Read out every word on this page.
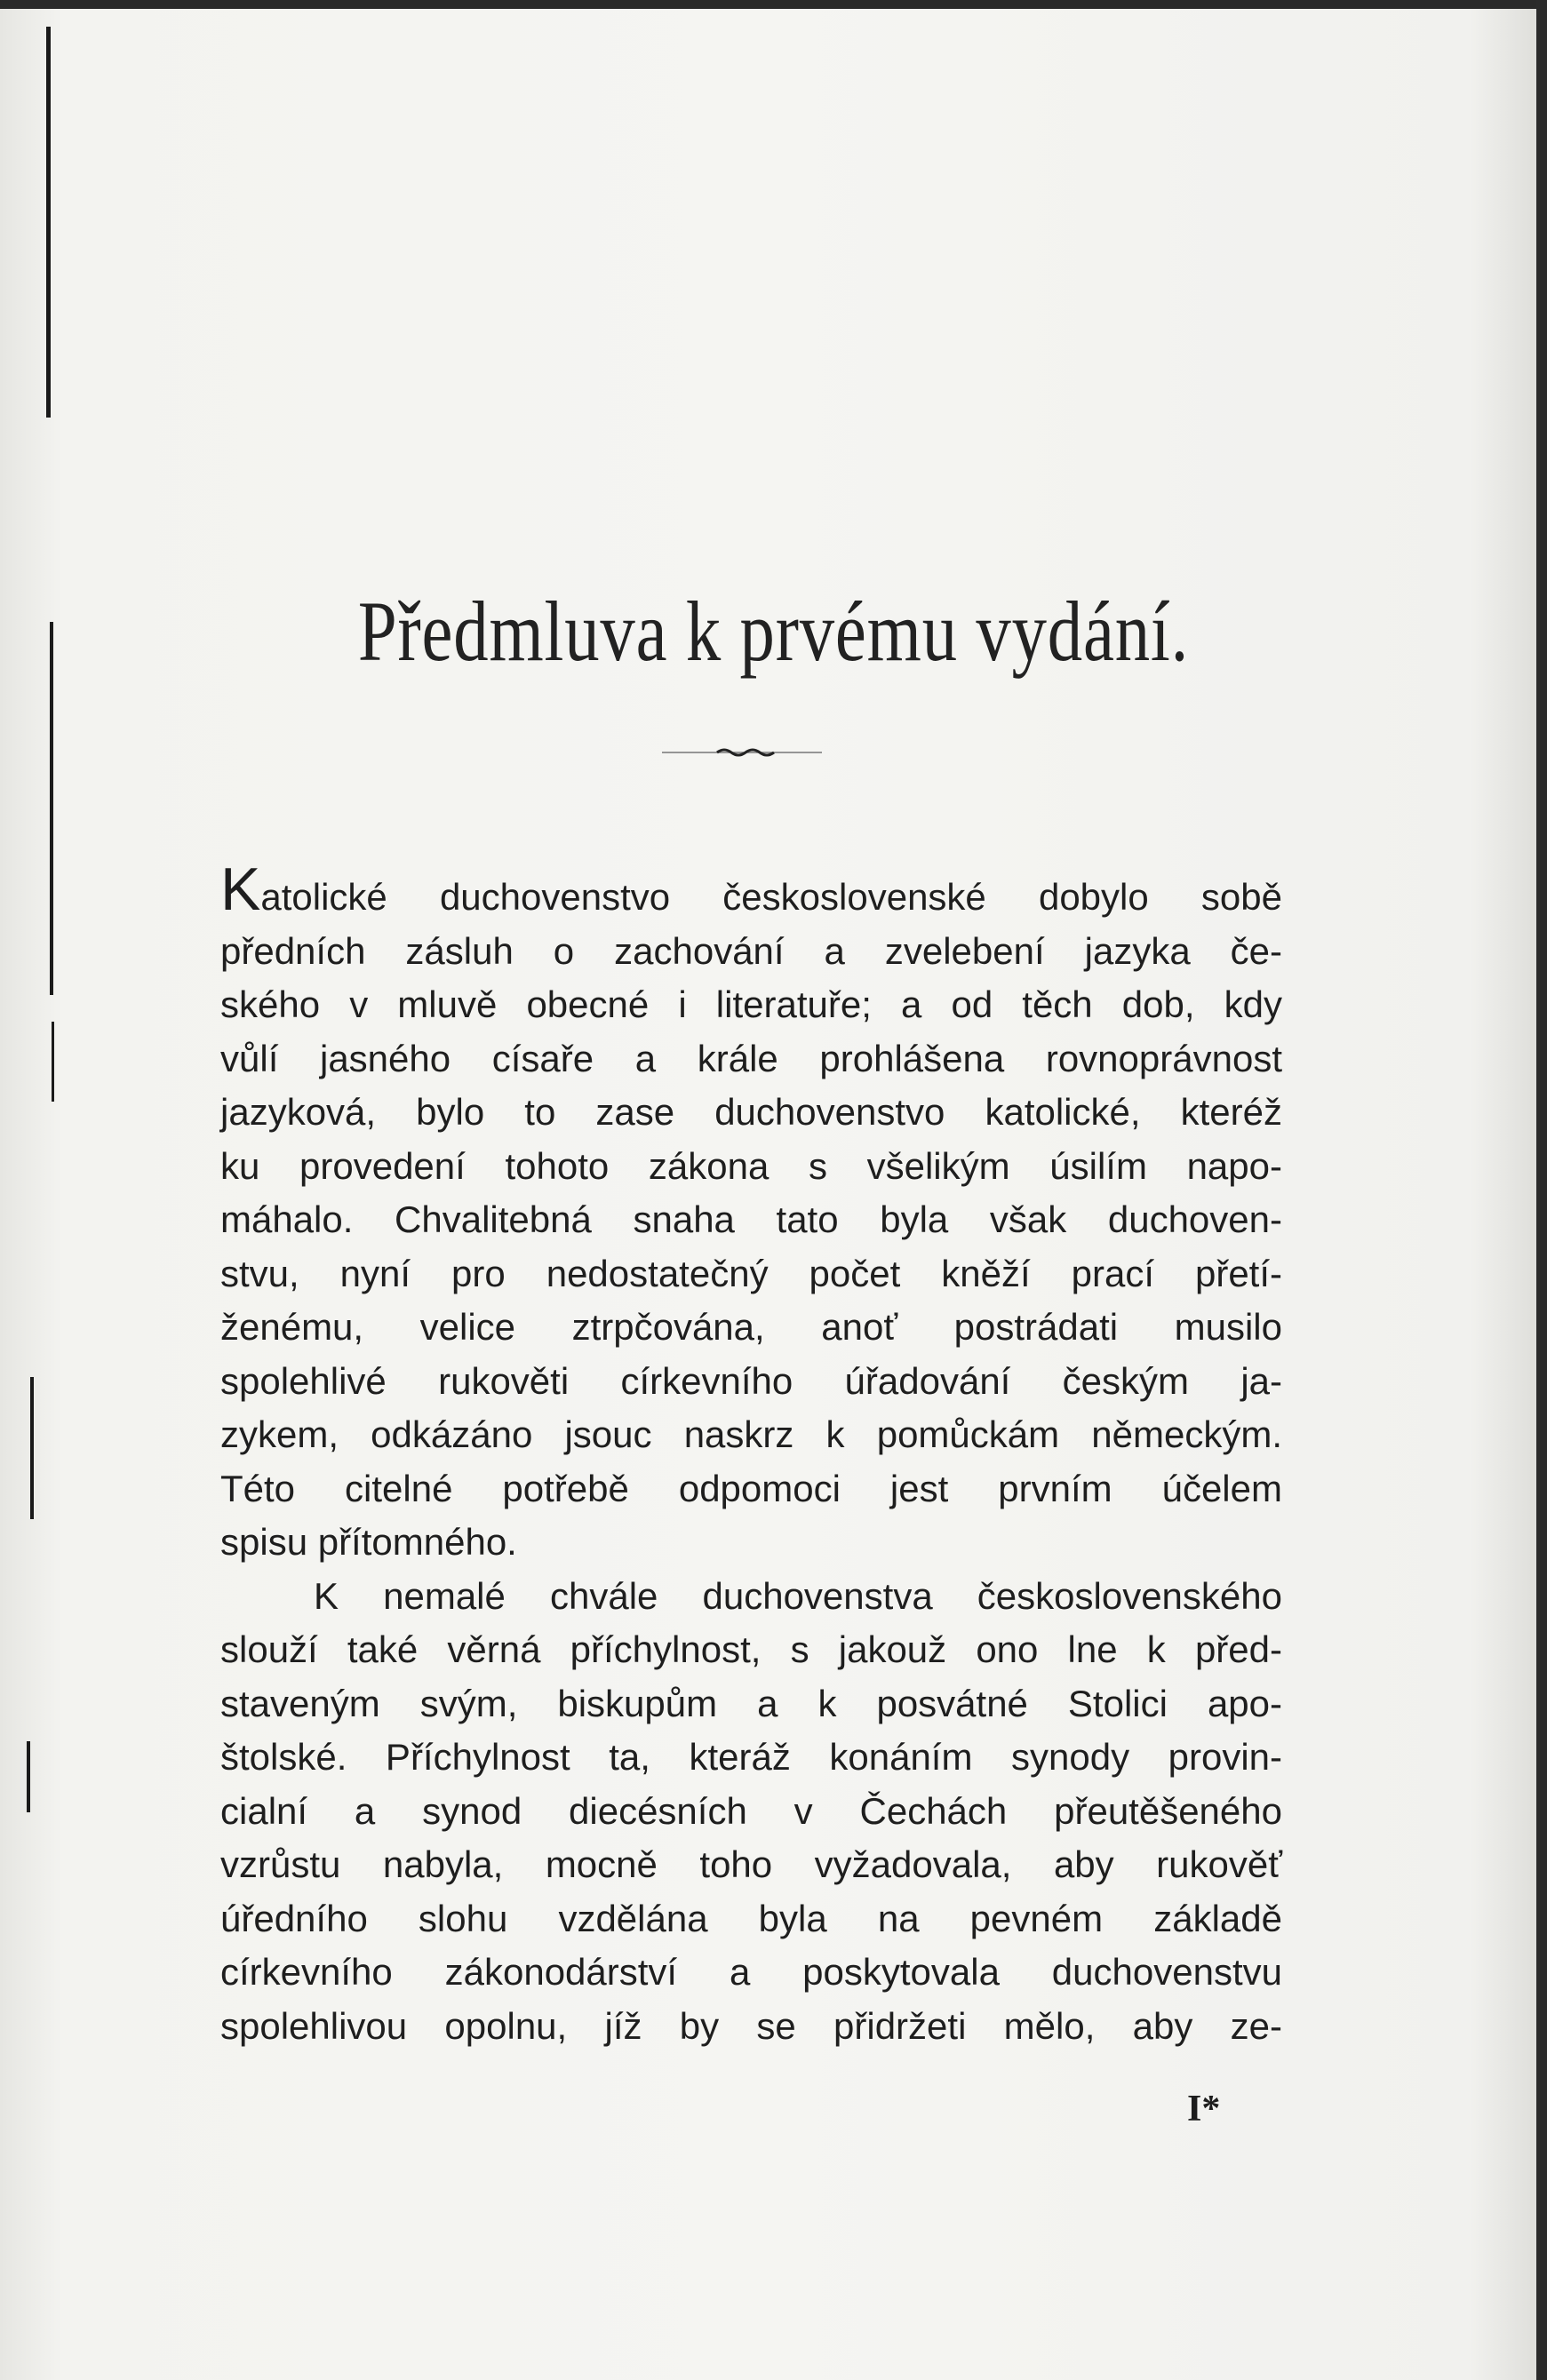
Předmluva k prvému vydání.
Katolické duchovenstvo československé dobylo sobě
předních zásluh o zachování a zvelebení jazyka če-
ského v mluvě obecné i literatuře; a od těch dob, kdy
vůlí jasného císaře a krále prohlášena rovnoprávnost
jazyková, bylo to zase duchovenstvo katolické, kteréž
ku provedení tohoto zákona s všelikým úsilím napo-
máhalo. Chvalitebná snaha tato byla však duchoven-
stvu, nyní pro nedostatečný počet kněží prací přetí-
ženému, velice ztrpčována, anoť postrádati musilo
spolehlivé rukověti církevního úřadování českým ja-
zykem, odkázáno jsouc naskrz k pomůckám německým.
Této citelné potřebě odpomoci jest prvním účelem
spisu přítomného.
K nemalé chvále duchovenstva československého
slouží také věrná příchylnost, s jakouž ono lne k před-
staveným svým, biskupům a k posvátné Stolici apo-
štolské. Příchylnost ta, kteráž konáním synody provin-
cialní a synod diecésních v Čechách přeutěšeného
vzrůstu nabyla, mocně toho vyžadovala, aby rukověť
úředního slohu vzdělána byla na pevném základě
církevního zákonodárství a poskytovala duchovenstvu
spolehlivou opolnu, jíž by se přidržeti mělo, aby ze-
I*
